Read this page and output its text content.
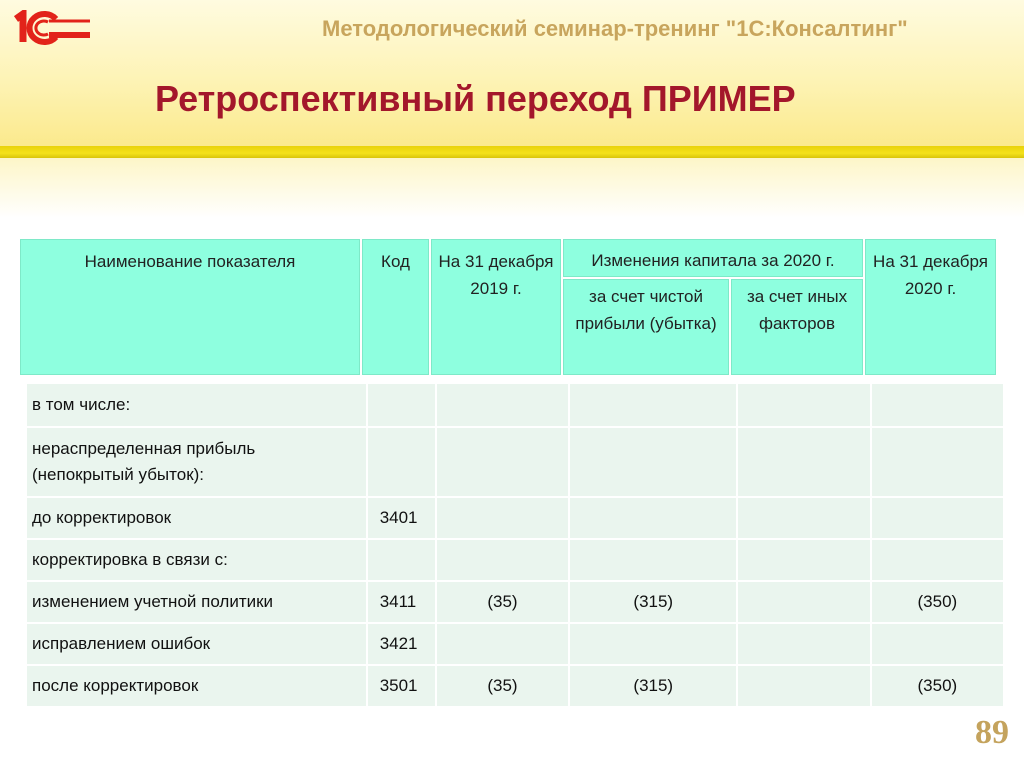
Методологический семинар-тренинг "1С:Консалтинг"
Ретроспективный переход ПРИМЕР
Наименование показателя	Код	На 31 декабря 2019 г.	Изменения капитала за 2020 г.		На 31 декабря 2020 г.
			за счет чистой прибыли (убытка)	за счет иных факторов	
в том числе:					
нераспределенная прибыль (непокрытый убыток):					
до корректировок	3401				
корректировка в связи с:					
изменением учетной политики	3411	(35)	(315)		(350)
исправлением ошибок	3421				
после корректировок	3501	(35)	(315)		(350)

89
